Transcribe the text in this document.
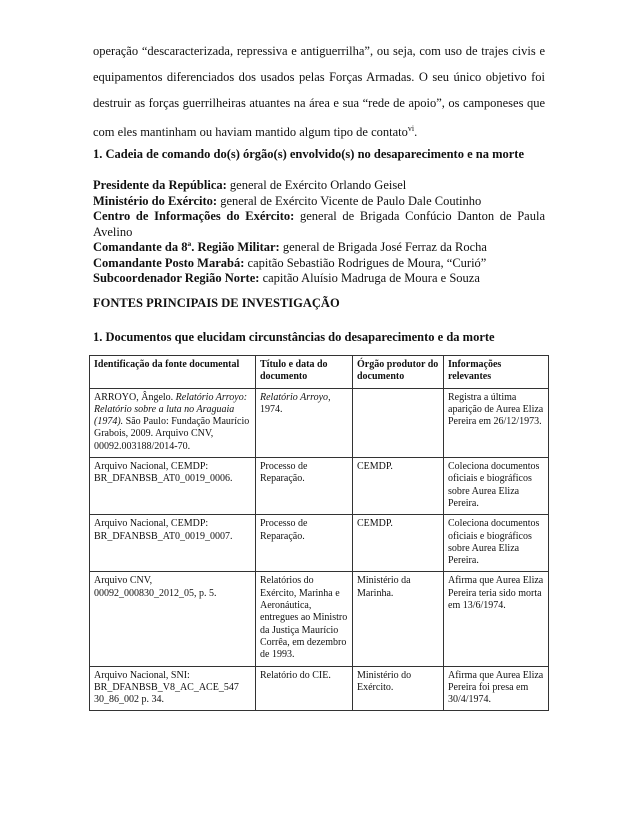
operação “descaracterizada, repressiva e antiguerrilha”, ou seja, com uso de trajes civis e equipamentos diferenciados dos usados pelas Forças Armadas. O seu único objetivo foi destruir as forças guerrilheiras atuantes na área e sua “rede de apoio”, os camponeses que com eles mantinham ou haviam mantido algum tipo de contato$^{vi}$.

1. Cadeia de comando do(s) órgão(s) envolvido(s) no desaparecimento e na morte
Presidente da República: general de Exército Orlando Geisel
Ministério do Exército: general de Exército Vicente de Paulo Dale Coutinho
Centro de Informações do Exército: general de Brigada Confúcio Danton de Paula Avelino
Comandante da 8ª. Região Militar: general de Brigada José Ferraz da Rocha
Comandante Posto Marabá: capitão Sebastião Rodrigues de Moura, “Curió”
Subcoordenador Região Norte: capitão Aluísio Madruga de Moura e Souza
FONTES PRINCIPAIS DE INVESTIGAÇÃO
1. Documentos que elucidam circunstâncias do desaparecimento e da morte
Identificação da fonte documental	Título e data do documento	Órgão produtor do documento	Informações relevantes
ARROYO, Ângelo. Relatório Arroyo: Relatório sobre a luta no Araguaia (1974). São Paulo: Fundação Maurício Grabois, 2009. Arquivo CNV, 00092.003188/2014-70.	Relatório Arroyo, 1974.		Registra a última aparição de Aurea Eliza Pereira em 26/12/1973.
Arquivo Nacional, CEMDP: BR_DFANBSB_AT0_0019_0006.	Processo de Reparação.	CEMDP.	Coleciona documentos oficiais e biográficos sobre Aurea Eliza Pereira.
Arquivo Nacional, CEMDP: BR_DFANBSB_AT0_0019_0007.	Processo de Reparação.	CEMDP.	Coleciona documentos oficiais e biográficos sobre Aurea Eliza Pereira.
Arquivo CNV, 00092_000830_2012_05, p. 5.	Relatórios do Exército, Marinha e Aeronáutica, entregues ao Ministro da Justiça Maurício Corrêa, em dezembro de 1993.	Ministério da Marinha.	Afirma que Aurea Eliza Pereira teria sido morta em 13/6/1974.
Arquivo Nacional, SNI: BR_DFANBSB_V8_AC_ACE_547 30_86_002 p. 34.	Relatório do CIE.	Ministério do Exército.	Afirma que Aurea Eliza Pereira foi presa em 30/4/1974.
